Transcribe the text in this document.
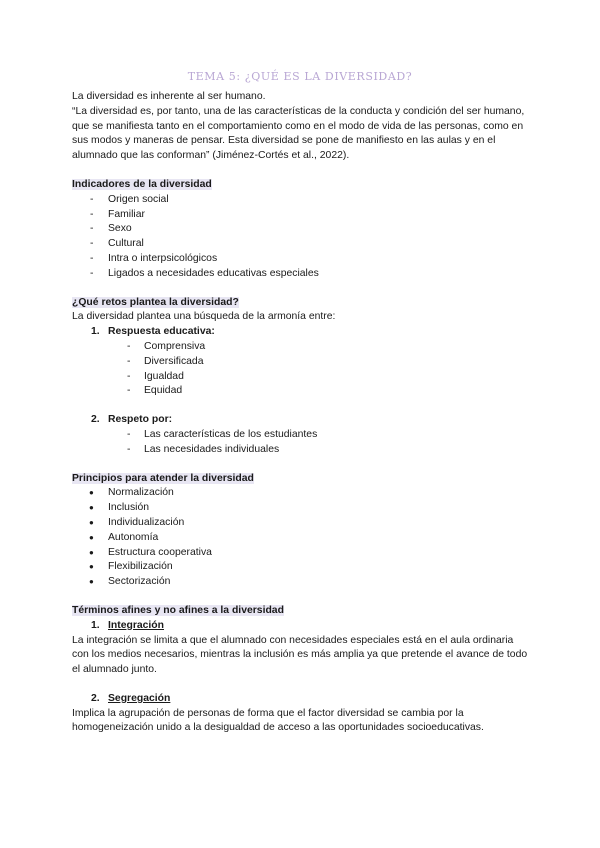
TEMA 5: ¿QUÉ ES LA DIVERSIDAD?

La diversidad es inherente al ser humano.

“La diversidad es, por tanto, una de las características de la conducta y condición del ser humano, que se manifiesta tanto en el comportamiento como en el modo de vida de las personas, como en sus modos y maneras de pensar. Esta diversidad se pone de manifiesto en las aulas y en el alumnado que las conforman” (Jiménez-Cortés et al., 2022).

Indicadores de la diversidad

- Origen social
- Familiar
- Sexo
- Cultural
- Intra o interpsicológicos
- Ligados a necesidades educativas especiales

¿Qué retos plantea la diversidad?

La diversidad plantea una búsqueda de la armonía entre:

1. Respuesta educativa:
- Comprensiva
- Diversificada
- Igualdad
- Equidad
2. Respeto por:
- Las características de los estudiantes
- Las necesidades individuales

Principios para atender la diversidad

● Normalización
● Inclusión
● Individualización
● Autonomía
● Estructura cooperativa
● Flexibilización
● Sectorización

Términos afines y no afines a la diversidad

1. Integración

La integración se limita a que el alumnado con necesidades especiales está en el aula ordinaria con los medios necesarios, mientras la inclusión es más amplia ya que pretende el avance de todo el alumnado junto.

2. Segregación

Implica la agrupación de personas de forma que el factor diversidad se cambia por la homogeneización unido a la desigualdad de acceso a las oportunidades socioeducativas.
